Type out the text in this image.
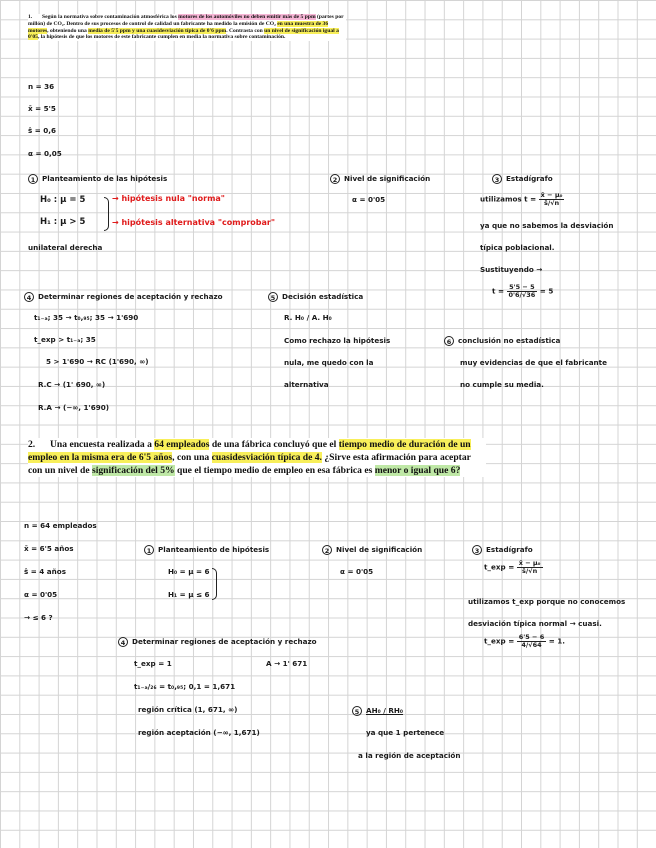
1. Según la normativa sobre contaminación atmosférica los motores de los automóviles no deben emitir más de 5 ppm (partes por millón) de CO₂. Dentro de sus procesos de control de calidad un fabricante ha medido la emisión de CO₂ en una muestra de 36 motores, obteniendo una media de 5'5 ppm y una cuasidesviación típica de 0'6 ppm. Contrasta con un nivel de significación igual a 0'05, la hipótesis de que los motores de este fabricante cumplen en media la normativa sobre contaminación.
n = 36
x̄ = 5'5
ŝ = 0,6
α = 0,05
1 Planteamiento de las hipótesis
H₀ : μ = 5
H₁ : μ > 5
→ hipótesis nula "norma"
→ hipótesis alternativa "comprobar"
unilateral derecha
2 Nivel de significación
α = 0'05
3 Estadígrafo
utilizamos $t = \frac{\text{x̄ − μ₀}}{ŝ/√n}$
ya que no sabemos la desviación
típica poblacional.
Sustituyendo →
$t = \frac{5'5 - 5}{0'6/√36} = 5$
4 Determinar regiones de aceptación y rechazo
t₁₋ₐ; 35 → t₀,₉₅; 35 → 1'690
t_exp > t₁₋ₐ; 35
5 > 1'690 → RC (1'690, ∞)
R.C → (1' 690, ∞)
R.A → (−∞, 1'690)
5 Decisión estadística
R. H₀ / A. H₀
Como rechazo la hipótesis
nula, me quedo con la
alternativa
6 conclusión no estadística
muy evidencias de que el fabricante
no cumple su media.
2. Una encuesta realizada a 64 empleados de una fábrica concluyó que el tiempo medio de duración de un empleo en la misma era de 6'5 años, con una cuasidesviación típica de 4. ¿Sirve esta afirmación para aceptar con un nivel de significación del 5% que el tiempo medio de empleo en esa fábrica es menor o igual que 6?
n = 64 empleados
x̄ = 6'5 años
ŝ = 4 años
α = 0'05
→ ≤ 6 ?
1 Planteamiento de hipótesis
H₀ = μ = 6
H₁ = μ ≤ 6
2 Nivel de significación
α = 0'05
3 Estadígrafo
t_exp = $\frac{\text{x̄ − μ₀}}{ŝ/√n}$
utilizamos t_exp porque no conocemos
desviación típica normal → cuasi.
t_exp = $\frac{6'5 - 6}{4/√64} = 1$.
4 Determinar regiones de aceptación y rechazo
t_exp = 1	A → 1' 671
t₁₋ₐ/₂₆ = t₀,₉₅; 0,1 = 1,671
región crítica (1, 671, ∞)
región aceptación (−∞, 1,671)
5 AH₀ / RH₀
ya que 1 pertenece
a la región de aceptación
